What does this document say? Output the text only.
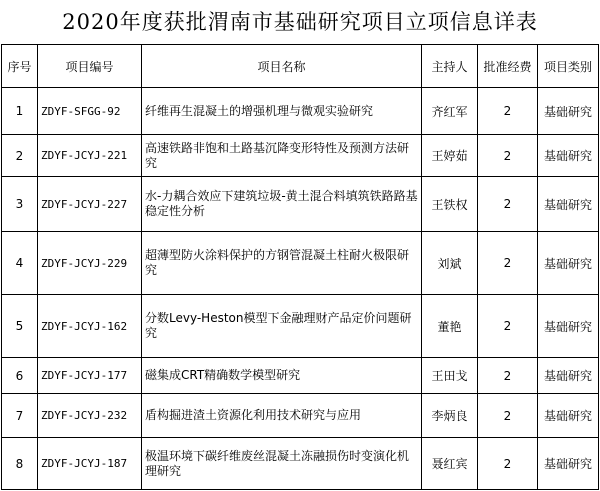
2020年度获批渭南市基础研究项目立项信息详表
序号	项目编号	项目名称	主持人	批准经费	项目类别
1	ZDYF-SFGG-92	纤维再生混凝土的增强机理与微观实验研究	齐红军	2	基础研究
2	ZDYF-JCYJ-221	高速铁路非饱和土路基沉降变形特性及预测方法研究	王婷茹	2	基础研究
3	ZDYF-JCYJ-227	水-力耦合效应下建筑垃圾-黄土混合料填筑铁路路基稳定性分析	王铁权	2	基础研究
4	ZDYF-JCYJ-229	超薄型防火涂料保护的方钢管混凝土柱耐火极限研究	刘斌	2	基础研究
5	ZDYF-JCYJ-162	分数Levy-Heston模型下金融理财产品定价问题研究	董艳	2	基础研究
6	ZDYF-JCYJ-177	磁集成CRT精确数学模型研究	王田戈	2	基础研究
7	ZDYF-JCYJ-232	盾构掘进渣土资源化利用技术研究与应用	李炳良	2	基础研究
8	ZDYF-JCYJ-187	极温环境下碳纤维废丝混凝土冻融损伤时变演化机理研究	聂红宾	2	基础研究
